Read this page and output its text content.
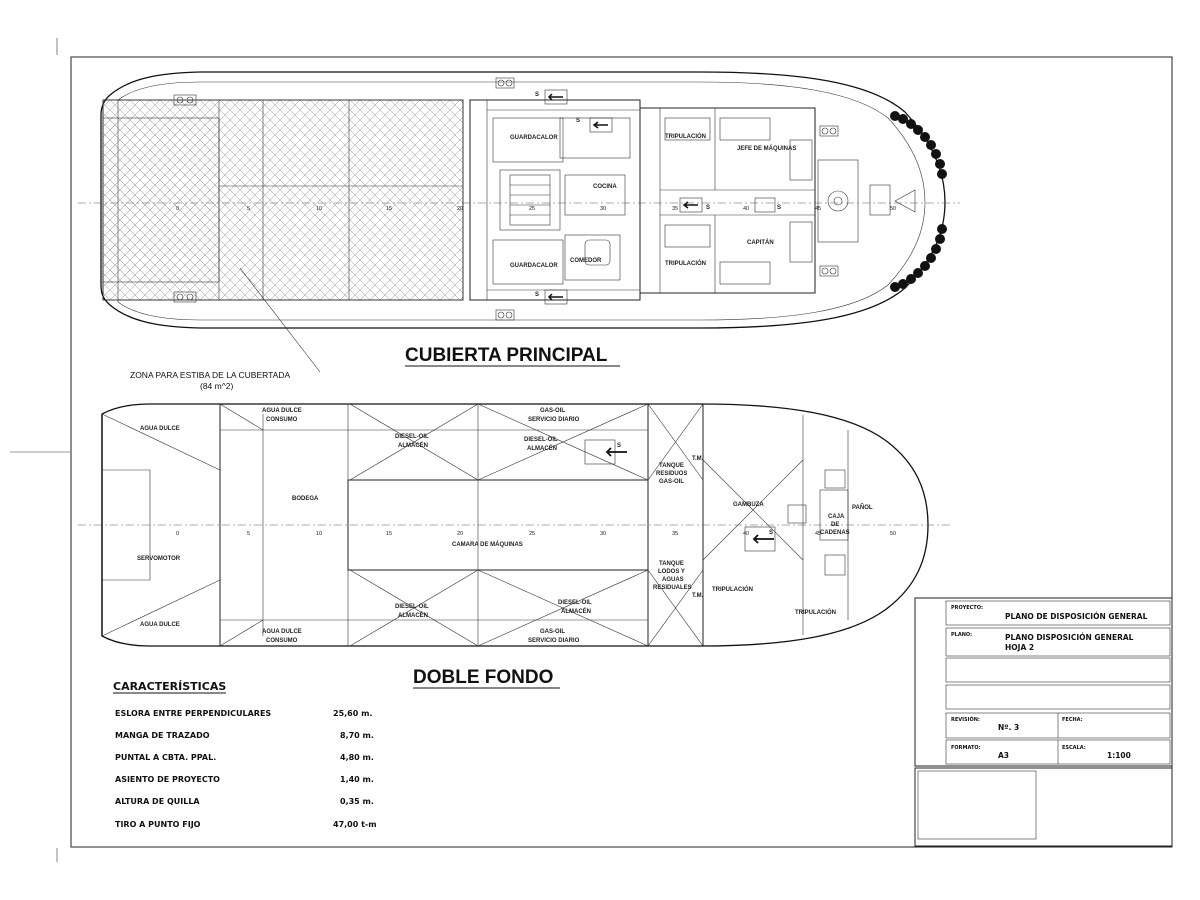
0	5	10	15	20	25	30	35	40	45	50
GUARDACALOR
GUARDACALOR
COCINA
COMEDOR
TRIPULACIÓN
TRIPULACIÓN
JEFE DE MÁQUINAS
CAPITÁN
S
S
S
S	S
ZONA PARA ESTIBA DE LA CUBERTADA
(84 m^2)
CUBIERTA PRINCIPAL
S
S
0	5	10	15	20	25	30	35	40	45	50
AGUA DULCE
AGUA DULCE
AGUA DULCE
CONSUMO
AGUA DULCE
CONSUMO
SERVOMOTOR
BODEGA
CAMARA DE MÁQUINAS
DIESEL-OIL
ALMACÉN
DIESEL-OIL
ALMACÉN
DIESEL-OIL
ALMACÉN
DIESEL-OIL
ALMACÉN
GAS-OIL
SERVICIO DIARIO
GAS-OIL
SERVICIO DIARIO
TANQUE
RESIDUOS
GAS-OIL
TANQUE
LODOS Y
AGUAS
RESIDUALES
T.M.
T.M.
GAMBUZA
TRIPULACIÓN
TRIPULACIÓN
CAJA
DE
CADENAS
PAÑOL
DOBLE FONDO
CARACTERÍSTICAS
ESLORA ENTRE PERPENDICULARES	25,60 m.
MANGA DE TRAZADO	8,70 m.
PUNTAL A CBTA. PPAL.	4,80 m.
ASIENTO DE PROYECTO	1,40 m.
ALTURA DE QUILLA	0,35 m.
TIRO A PUNTO FIJO	47,00 t-m
PROYECTO:
PLANO DE DISPOSICIÓN GENERAL
PLANO:	PLANO DISPOSICIÓN GENERAL
HOJA 2
REVISIÓN:
Nº. 3
FECHA:
FORMATO:
A3
ESCALA:
1:100
